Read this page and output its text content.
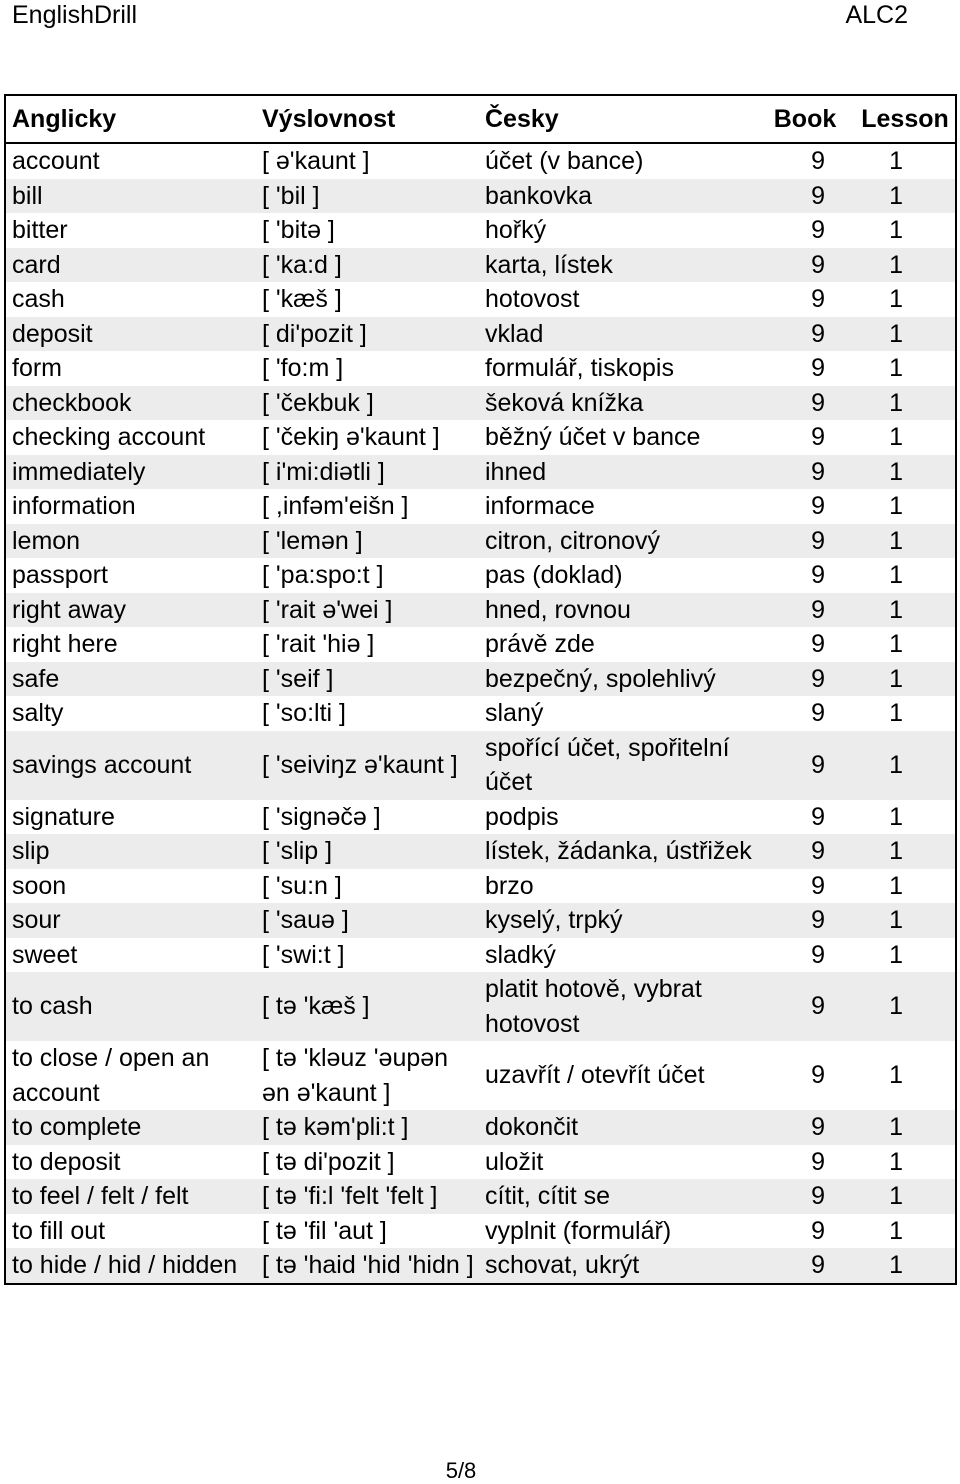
EnglishDrill	ALC2
Anglicky	Výslovnost	Česky	Book	Lesson
account	[ ə'kaunt ]	účet (v bance)	9	1
bill	[ 'bil ]	bankovka	9	1
bitter	[ 'bitə ]	hořký	9	1
card	[ 'ka:d ]	karta, lístek	9	1
cash	[ 'kæš ]	hotovost	9	1
deposit	[ di'pozit ]	vklad	9	1
form	[ 'fo:m ]	formulář, tiskopis	9	1
checkbook	[ 'čekbuk ]	šeková knížka	9	1
checking account	[ 'čekiŋ ə'kaunt ]	běžný účet v bance	9	1
immediately	[ i'mi:diətli ]	ihned	9	1
information	[ ,infəm'eišn ]	informace	9	1
lemon	[ 'lemən ]	citron, citronový	9	1
passport	[ 'pa:spo:t ]	pas (doklad)	9	1
right away	[ 'rait ə'wei ]	hned, rovnou	9	1
right here	[ 'rait 'hiə ]	právě zde	9	1
safe	[ 'seif ]	bezpečný, spolehlivý	9	1
salty	[ 'so:lti ]	slaný	9	1
savings account	[ 'seiviŋz ə'kaunt ]	spořící účet, spořitelní účet	9	1
signature	[ 'signəčə ]	podpis	9	1
slip	[ 'slip ]	lístek, žádanka, ústřižek	9	1
soon	[ 'su:n ]	brzo	9	1
sour	[ 'sauə ]	kyselý, trpký	9	1
sweet	[ 'swi:t ]	sladký	9	1
to cash	[ tə 'kæš ]	platit hotově, vybrat hotovost	9	1
to close / open an account	[ tə 'kləuz 'əupən ən ə'kaunt ]	uzavřít / otevřít účet	9	1
to complete	[ tə kəm'pli:t ]	dokončit	9	1
to deposit	[ tə di'pozit ]	uložit	9	1
to feel / felt / felt	[ tə 'fi:l 'felt 'felt ]	cítit, cítit se	9	1
to fill out	[ tə 'fil 'aut ]	vyplnit (formulář)	9	1
to hide / hid / hidden	[ tə 'haid 'hid 'hidn ]	schovat, ukrýt	9	1
5/8
